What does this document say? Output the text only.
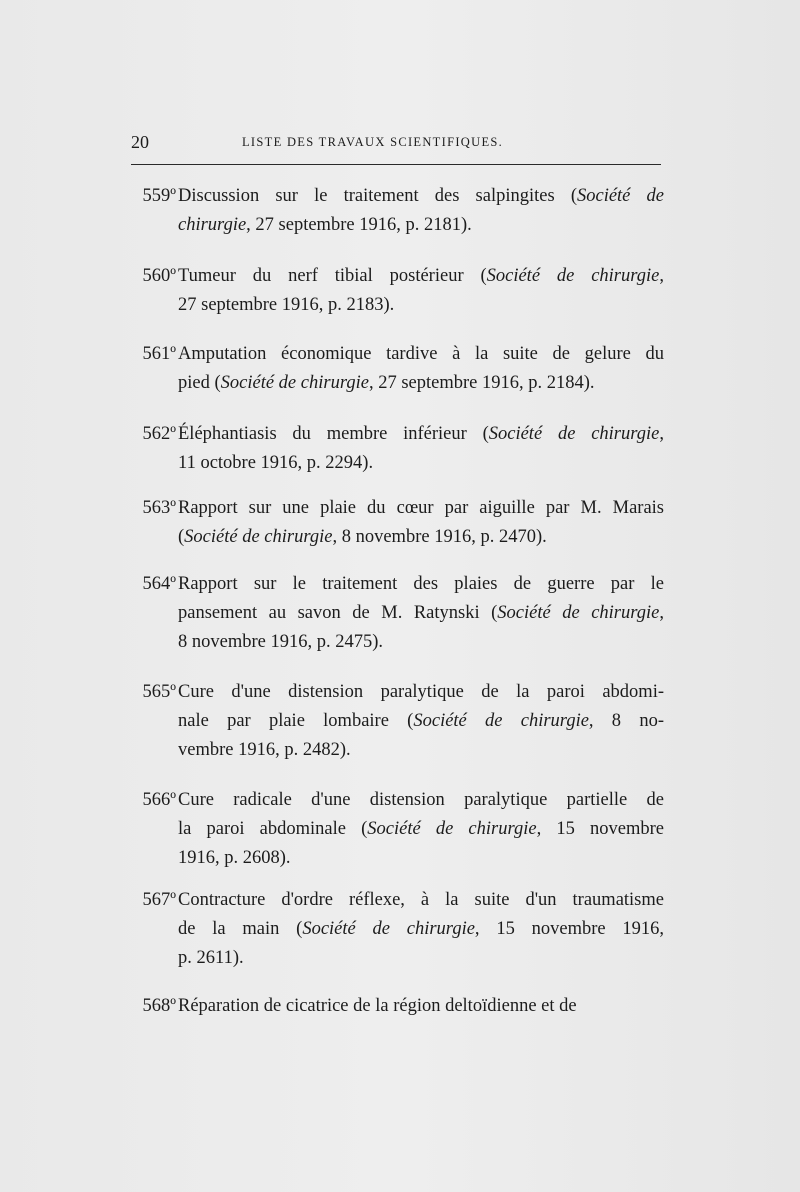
20	LISTE DES TRAVAUX SCIENTIFIQUES.
559º Discussion sur le traitement des salpingites (Société de
chirurgie, 27 septembre 1916, p. 2181).
560º Tumeur du nerf tibial postérieur (Société de chirurgie,
27 septembre 1916, p. 2183).
561º Amputation économique tardive à la suite de gelure du
pied (Société de chirurgie, 27 septembre 1916, p. 2184).
562º Éléphantiasis du membre inférieur (Société de chirurgie,
11 octobre 1916, p. 2294).
563º Rapport sur une plaie du cœur par aiguille par M. Marais
(Société de chirurgie, 8 novembre 1916, p. 2470).
564º Rapport sur le traitement des plaies de guerre par le
pansement au savon de M. Ratynski (Société de chirurgie,
8 novembre 1916, p. 2475).
565º Cure d'une distension paralytique de la paroi abdomi-
nale par plaie lombaire (Société de chirurgie, 8 no-
vembre 1916, p. 2482).
566º Cure radicale d'une distension paralytique partielle de
la paroi abdominale (Société de chirurgie, 15 novembre
1916, p. 2608).
567º Contracture d'ordre réflexe, à la suite d'un traumatisme
de la main (Société de chirurgie, 15 novembre 1916,
p. 2611).
568º Réparation de cicatrice de la région deltoïdienne et de
